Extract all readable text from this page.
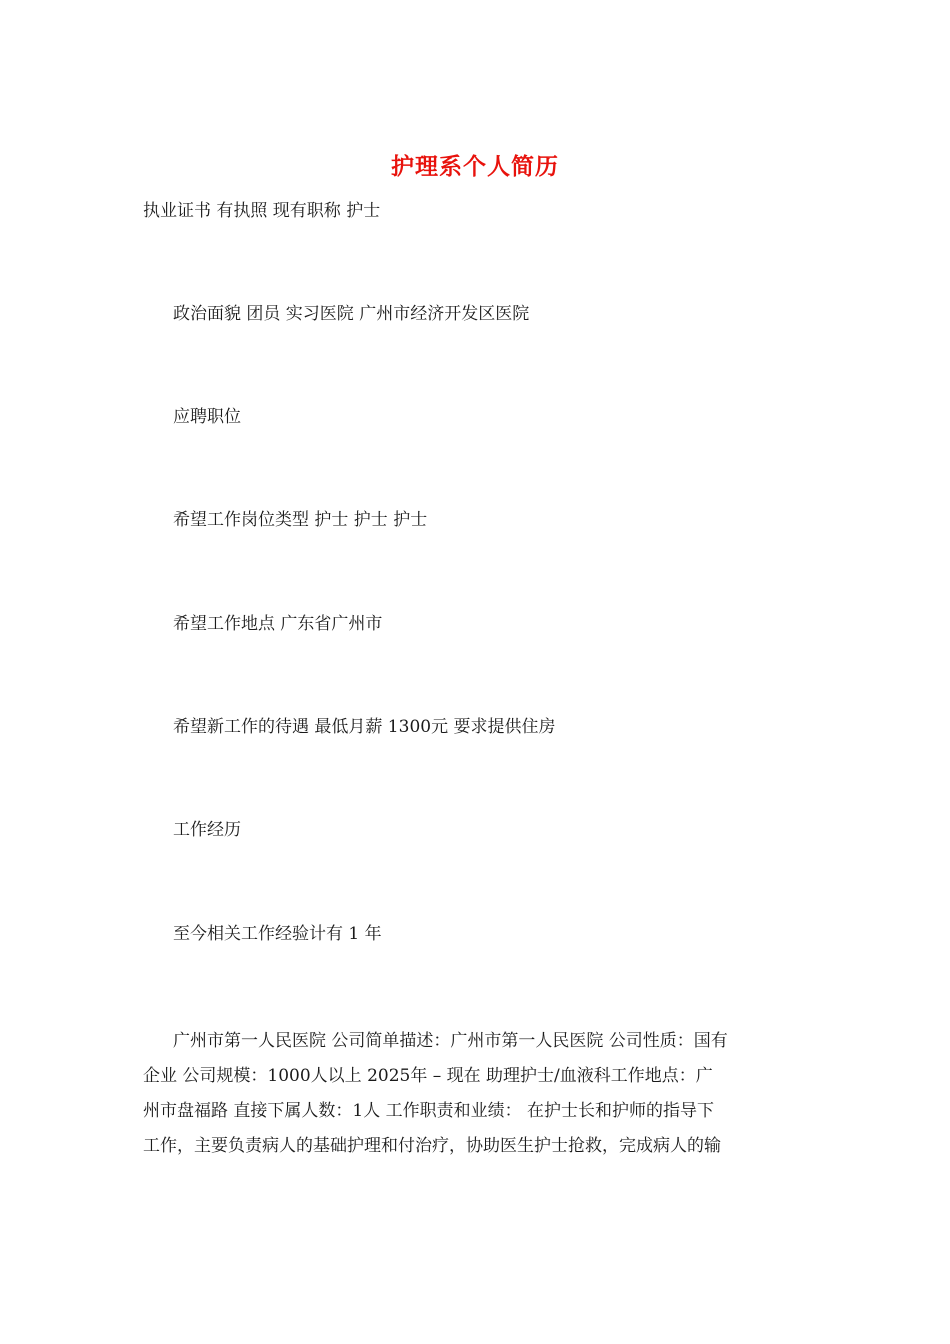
护理系个人简历
执业证书 有执照 现有职称 护士
政治面貌 团员 实习医院 广州市经济开发区医院
应聘职位
希望工作岗位类型 护士 护士 护士
希望工作地点 广东省广州市
希望新工作的待遇 最低月薪 1300元 要求提供住房
工作经历
至今相关工作经验计有 1 年
广州市第一人民医院 公司简单描述：广州市第一人民医院 公司性质：国有
企业 公司规模：1000人以上 2025年 – 现在 助理护士/血液科工作地点：广
州市盘福路 直接下属人数：1人 工作职责和业绩： 在护士长和护师的指导下
工作，主要负责病人的基础护理和付治疗，协助医生护士抢救，完成病人的输
